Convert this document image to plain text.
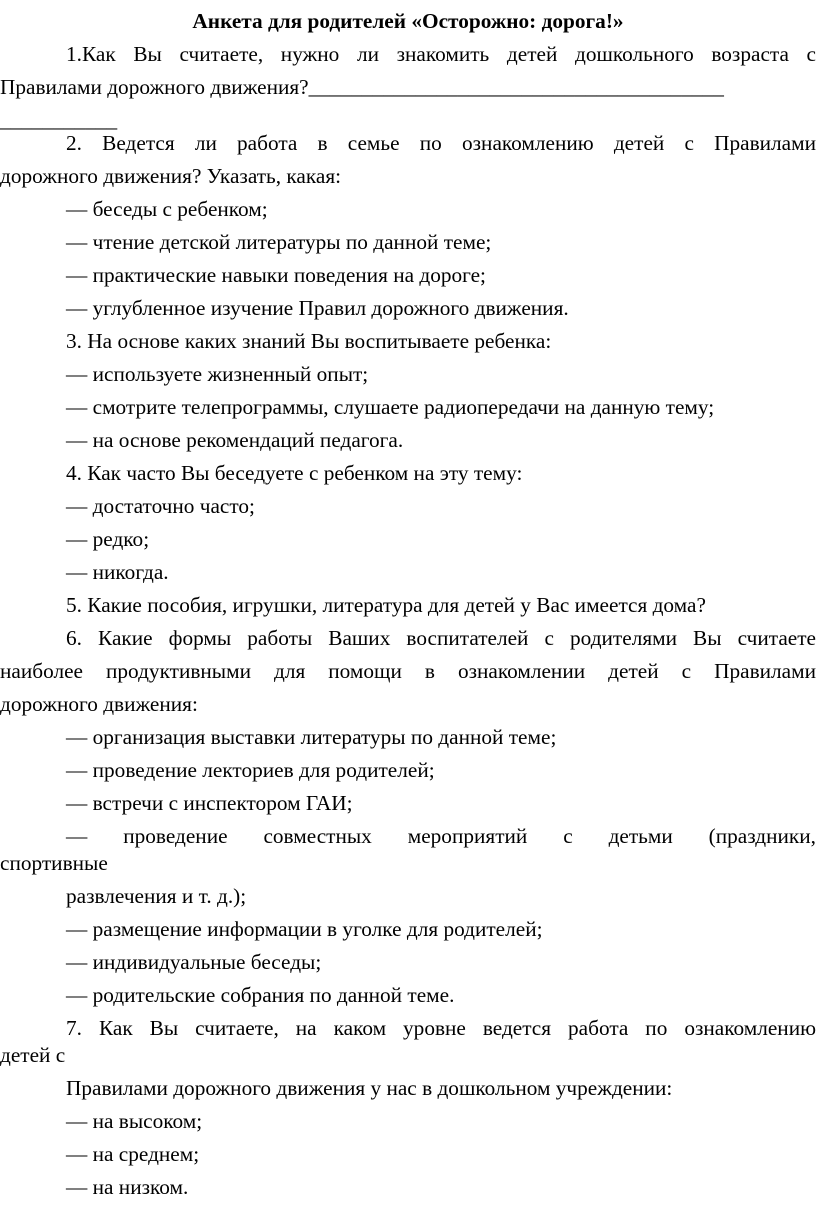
Анкета для родителей «Осторожно: дорога!»
1.Как Вы считаете, нужно ли знакомить детей дошкольного возраста с
Правилами дорожного движения?_______________________________________
___________
2. Ведется ли работа в семье по ознакомлению детей с Правилами
дорожного движения? Указать, какая:
— беседы с ребенком;
— чтение детской литературы по данной теме;
— практические навыки поведения на дороге;
— углубленное изучение Правил дорожного движения.
3. На основе каких знаний Вы воспитываете ребенка:
— используете жизненный опыт;
— смотрите телепрограммы, слушаете радиопередачи на данную тему;
— на основе рекомендаций педагога.
4. Как часто Вы беседуете с ребенком на эту тему:
— достаточно часто;
— редко;
— никогда.
5. Какие пособия, игрушки, литература для детей у Вас имеется дома?
6. Какие формы работы Ваших воспитателей с родителями Вы считаете
наиболее продуктивными для помощи в ознакомлении детей с Правилами
дорожного движения:
— организация выставки литературы по данной теме;
— проведение лекториев для родителей;
— встречи с инспектором ГАИ;
— проведение совместных мероприятий с детьми (праздники,
спортивные
развлечения и т. д.);
— размещение информации в уголке для родителей;
— индивидуальные беседы;
— родительские собрания по данной теме.
7. Как Вы считаете, на каком уровне ведется работа по ознакомлению
детей с
Правилами дорожного движения у нас в дошкольном учреждении:
— на высоком;
— на среднем;
— на низком.
